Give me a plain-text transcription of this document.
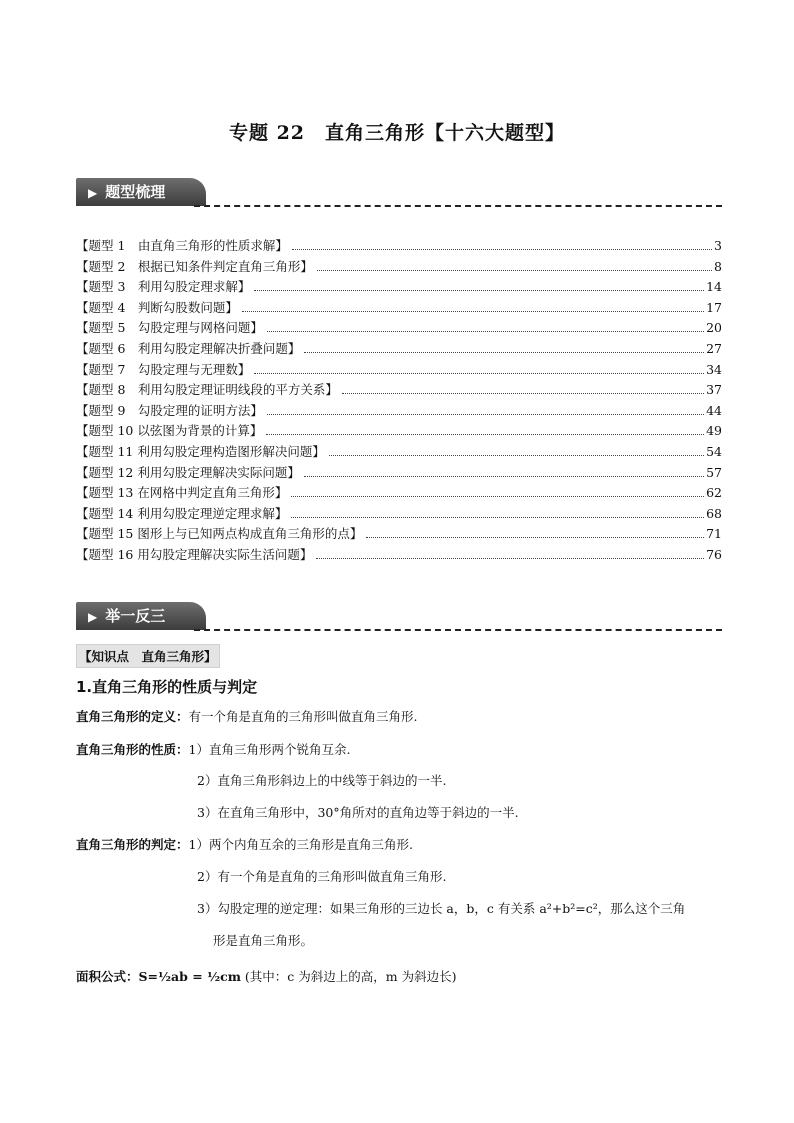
专题 22　直角三角形【十六大题型】
▶ 题型梳理
【题型 1　由直角三角形的性质求解】	3
【题型 2　根据已知条件判定直角三角形】	8
【题型 3　利用勾股定理求解】	14
【题型 4　判断勾股数问题】	17
【题型 5　勾股定理与网格问题】	20
【题型 6　利用勾股定理解决折叠问题】	27
【题型 7　勾股定理与无理数】	34
【题型 8　利用勾股定理证明线段的平方关系】	37
【题型 9　勾股定理的证明方法】	44
【题型 10 以弦图为背景的计算】	49
【题型 11 利用勾股定理构造图形解决问题】	54
【题型 12 利用勾股定理解决实际问题】	57
【题型 13 在网格中判定直角三角形】	62
【题型 14 利用勾股定理逆定理求解】	68
【题型 15 图形上与已知两点构成直角三角形的点】	71
【题型 16 用勾股定理解决实际生活问题】	76
▶ 举一反三
【知识点　直角三角形】
1.直角三角形的性质与判定
直角三角形的定义：有一个角是直角的三角形叫做直角三角形.
直角三角形的性质：1）直角三角形两个锐角互余.
2）直角三角形斜边上的中线等于斜边的一半.
3）在直角三角形中，30°角所对的直角边等于斜边的一半.
直角三角形的判定：1）两个内角互余的三角形是直角三角形.
2）有一个角是直角的三角形叫做直角三角形.
3）勾股定理的逆定理：如果三角形的三边长 a，b，c 有关系 a²+b²=c²，那么这个三角
形是直角三角形。
面积公式：S=½ab = ½cm (其中：c 为斜边上的高，m 为斜边长)
